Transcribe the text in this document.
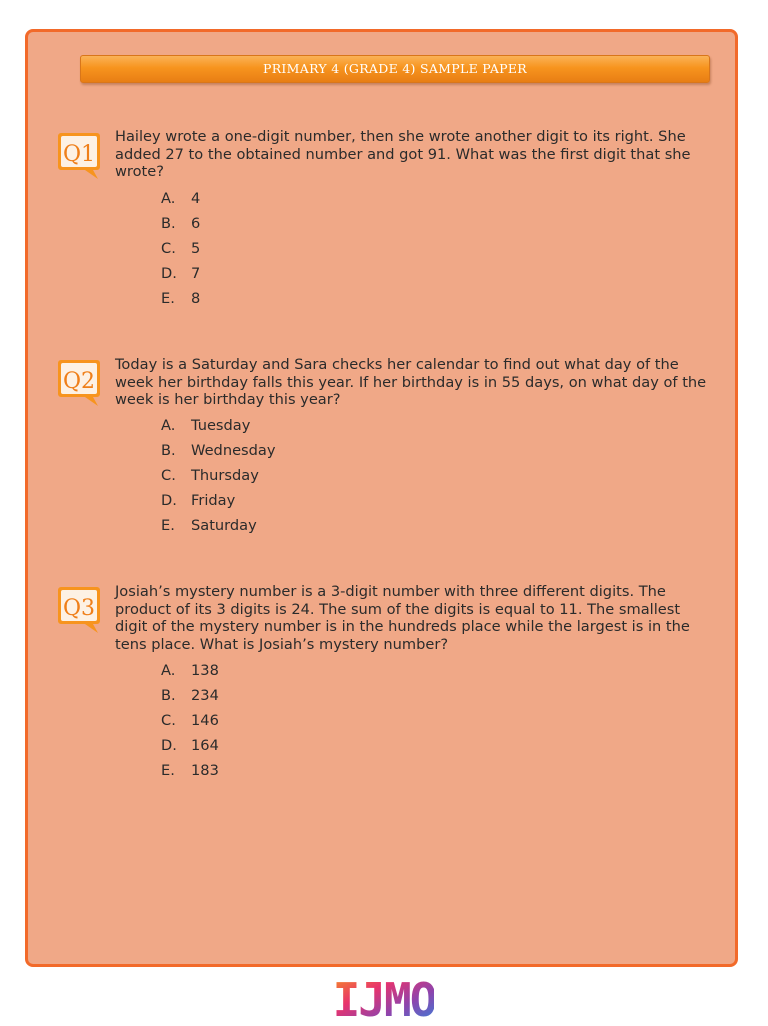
PRIMARY 4 (GRADE 4) SAMPLE PAPER
Q1
Hailey wrote a one-digit number, then she wrote another digit to its right. She added 27 to the obtained number and got 91. What was the first digit that she wrote?
A. 4
B. 6
C. 5
D. 7
E. 8
Q2
Today is a Saturday and Sara checks her calendar to find out what day of the week her birthday falls this year. If her birthday is in 55 days, on what day of the week is her birthday this year?
A. Tuesday
B. Wednesday
C. Thursday
D. Friday
E. Saturday
Q3
Josiah’s mystery number is a 3-digit number with three different digits. The product of its 3 digits is 24. The sum of the digits is equal to 11. The smallest digit of the mystery number is in the hundreds place while the largest is in the tens place. What is Josiah’s mystery number?
A. 138
B. 234
C. 146
D. 164
E. 183
IJMO
